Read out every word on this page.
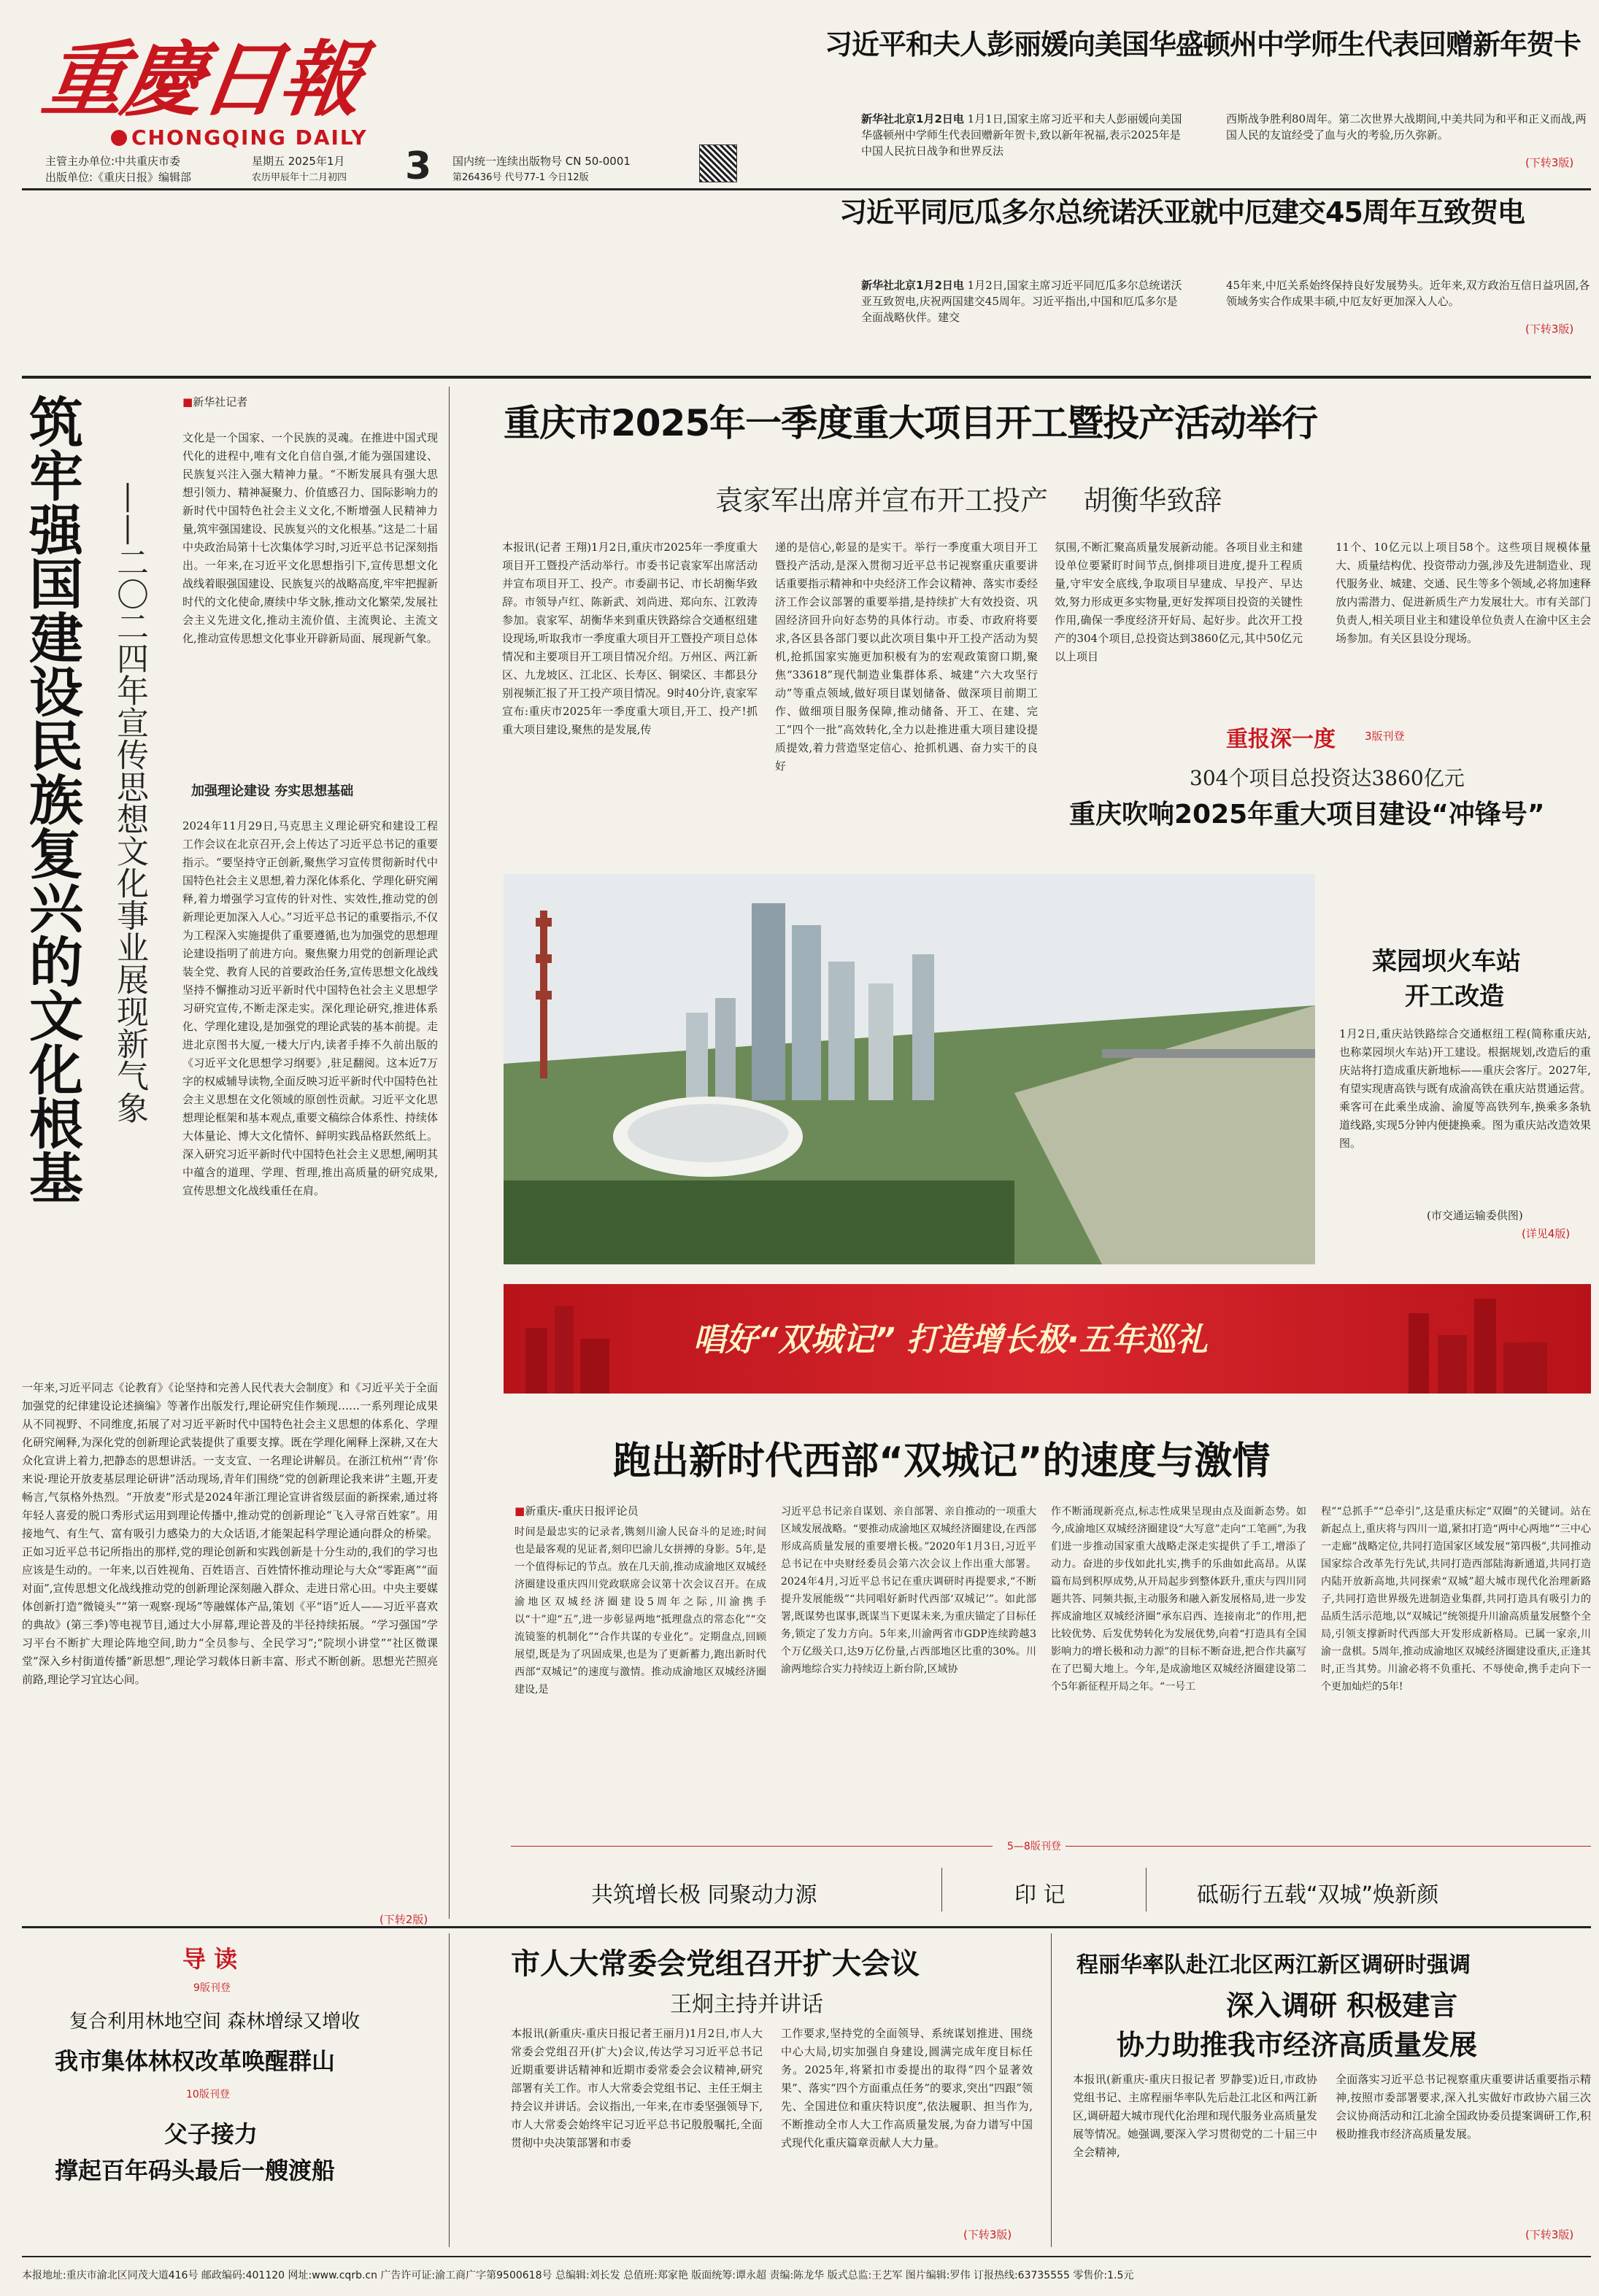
重慶日報
CHONGQING DAILY
主管主办单位:中共重庆市委
出版单位:《重庆日报》编辑部
星期五 2025年1月
农历甲辰年十二月初四 3 国内统一连续出版物号 CN 50-0001
第26436号 代号77-1 今日12版
习近平和夫人彭丽媛向美国华盛顿州中学师生代表回赠新年贺卡
新华社北京1月2日电 1月1日,国家主席习近平和夫人彭丽媛向美国华盛顿州中学师生代表回赠新年贺卡,致以新年祝福,表示2025年是中国人民抗日战争和世界反法
西斯战争胜利80周年。第二次世界大战期间,中美共同为和平和正义而战,两国人民的友谊经受了血与火的考验,历久弥新。
(下转3版)
习近平同厄瓜多尔总统诺沃亚就中厄建交45周年互致贺电
新华社北京1月2日电 1月2日,国家主席习近平同厄瓜多尔总统诺沃亚互致贺电,庆祝两国建交45周年。习近平指出,中国和厄瓜多尔是全面战略伙伴。建交
45年来,中厄关系始终保持良好发展势头。近年来,双方政治互信日益巩固,各领域务实合作成果丰硕,中厄友好更加深入人心。
(下转3版)
■新华社记者
筑牢强国建设民族复兴的文化根基 ——二〇二四年宣传思想文化事业展现新气象
文化是一个国家、一个民族的灵魂。在推进中国式现代化的进程中,唯有文化自信自强,才能为强国建设、民族复兴注入强大精神力量。“不断发展具有强大思想引领力、精神凝聚力、价值感召力、国际影响力的新时代中国特色社会主义文化,不断增强人民精神力量,筑牢强国建设、民族复兴的文化根基。”这是二十届中央政治局第十七次集体学习时,习近平总书记深刻指出。一年来,在习近平文化思想指引下,宣传思想文化战线着眼强国建设、民族复兴的战略高度,牢牢把握新时代的文化使命,赓续中华文脉,推动文化繁荣,发展社会主义先进文化,推动主流价值、主流舆论、主流文化,推动宣传思想文化事业开辟新局面、展现新气象。
加强理论建设 夯实思想基础
2024年11月29日,马克思主义理论研究和建设工程工作会议在北京召开,会上传达了习近平总书记的重要指示。“要坚持守正创新,聚焦学习宣传贯彻新时代中国特色社会主义思想,着力深化体系化、学理化研究阐释,着力增强学习宣传的针对性、实效性,推动党的创新理论更加深入人心。”习近平总书记的重要指示,不仅为工程深入实施提供了重要遵循,也为加强党的思想理论建设指明了前进方向。聚焦聚力用党的创新理论武装全党、教育人民的首要政治任务,宣传思想文化战线坚持不懈推动习近平新时代中国特色社会主义思想学习研究宣传,不断走深走实。深化理论研究,推进体系化、学理化建设,是加强党的理论武装的基本前提。走进北京图书大厦,一楼大厅内,读者手捧不久前出版的《习近平文化思想学习纲要》,驻足翻阅。这本近7万字的权威辅导读物,全面反映习近平新时代中国特色社会主义思想在文化领域的原创性贡献。习近平文化思想理论框架和基本观点,重要文稿综合体系性、持续体大体量论、博大文化情怀、鲜明实践品格跃然纸上。深入研究习近平新时代中国特色社会主义思想,阐明其中蕴含的道理、学理、哲理,推出高质量的研究成果,宣传思想文化战线重任在肩。
一年来,习近平同志《论教育》《论坚持和完善人民代表大会制度》和《习近平关于全面加强党的纪律建设论述摘编》等著作出版发行,理论研究佳作频现……一系列理论成果从不同视野、不同维度,拓展了对习近平新时代中国特色社会主义思想的体系化、学理化研究阐释,为深化党的创新理论武装提供了重要支撑。既在学理化阐释上深耕,又在大众化宣讲上着力,把静态的思想讲活。一支支宣、一名理论讲解员。在浙江杭州“‘青’你来说·理论开放麦基层理论研讲”活动现场,青年们围绕“党的创新理论我来讲”主题,开麦畅言,气氛格外热烈。“开放麦”形式是2024年浙江理论宣讲省级层面的新探索,通过将年轻人喜爱的脱口秀形式运用到理论传播中,推动党的创新理论“飞入寻常百姓家”。用接地气、有生气、富有吸引力感染力的大众话语,才能架起科学理论通向群众的桥梁。正如习近平总书记所指出的那样,党的理论创新和实践创新是十分生动的,我们的学习也应该是生动的。一年来,以百姓视角、百姓语言、百姓情怀推动理论与大众“零距离”“面对面”,宣传思想文化战线推动党的创新理论深刻融入群众、走进日常心田。中央主要媒体创新打造“微镜头”“第一观察·现场”等融媒体产品,策划《平“语”近人——习近平喜欢的典故》(第三季)等电视节目,通过大小屏幕,理论普及的半径持续拓展。“学习强国”学习平台不断扩大理论阵地空间,助力“全员参与、全民学习”;“院坝小讲堂”“社区微课堂”深入乡村街道传播“新思想”,理论学习载体日新丰富、形式不断创新。思想光芒照亮前路,理论学习宜达心间。
(下转2版)
重庆市2025年一季度重大项目开工暨投产活动举行
袁家军出席并宣布开工投产    胡衡华致辞
本报讯(记者 王翔)1月2日,重庆市2025年一季度重大项目开工暨投产活动举行。市委书记袁家军出席活动并宣布项目开工、投产。市委副书记、市长胡衡华致辞。市领导卢红、陈新武、刘尚进、郑向东、江敦涛参加。袁家军、胡衡华来到重庆铁路综合交通枢纽建设现场,听取我市一季度重大项目开工暨投产项目总体情况和主要项目开工项目情况介绍。万州区、两江新区、九龙坡区、江北区、长寿区、铜梁区、丰都县分别视频汇报了开工投产项目情况。9时40分许,袁家军宣布:重庆市2025年一季度重大项目,开工、投产!抓重大项目建设,聚焦的是发展,传
递的是信心,彰显的是实干。举行一季度重大项目开工暨投产活动,是深入贯彻习近平总书记视察重庆重要讲话重要指示精神和中央经济工作会议精神、落实市委经济工作会议部署的重要举措,是持续扩大有效投资、巩固经济回升向好态势的具体行动。市委、市政府将要求,各区县各部门要以此次项目集中开工投产活动为契机,抢抓国家实施更加积极有为的宏观政策窗口期,聚焦“33618”现代制造业集群体系、城建“六大攻坚行动”等重点领域,做好项目谋划储备、做深项目前期工作、做细项目服务保障,推动储备、开工、在建、完工“四个一批”高效转化,全力以赴推进重大项目建设提质提效,着力营造坚定信心、抢抓机遇、奋力实干的良好
氛围,不断汇聚高质量发展新动能。各项目业主和建设单位要紧盯时间节点,倒排项目进度,提升工程质量,守牢安全底线,争取项目早建成、早投产、早达效,努力形成更多实物量,更好发挥项目投资的关键性作用,确保一季度经济开好局、起好步。此次开工投产的304个项目,总投资达到3860亿元,其中50亿元以上项目
11个、10亿元以上项目58个。这些项目规模体量大、质量结构优、投资带动力强,涉及先进制造业、现代服务业、城建、交通、民生等多个领域,必将加速释放内需潜力、促进新质生产力发展壮大。市有关部门负责人,相关项目业主和建设单位负责人在渝中区主会场参加。有关区县设分现场。
重报深一度	3版刊登
304个项目总投资达3860亿元
重庆吹响2025年重大项目建设“冲锋号”
菜园坝火车站
开工改造
1月2日,重庆站铁路综合交通枢纽工程(简称重庆站,也称菜园坝火车站)开工建设。根据规划,改造后的重庆站将打造成重庆新地标——重庆会客厅。2027年,有望实现唐高铁与既有成渝高铁在重庆站贯通运营。乘客可在此乘坐成渝、渝厦等高铁列车,换乘多条轨道线路,实现5分钟内便捷换乘。图为重庆站改造效果图。
(市交通运输委供图)
(详见4版)
唱好“双城记” 打造增长极·五年巡礼
跑出新时代西部“双城记”的速度与激情
■新重庆-重庆日报评论员
时间是最忠实的记录者,镌刻川渝人民奋斗的足迹;时间也是最客观的见证者,刻印巴渝儿女拼搏的身影。5年,是一个值得标记的节点。放在几天前,推动成渝地区双城经济圈建设重庆四川党政联席会议第十次会议召开。在成渝地区双城经济圈建设5周年之际,川渝携手以“十”迎“五”,进一步彰显两地“抵理盘点的常态化”“交流镜鉴的机制化”“合作共谋的专业化”。定期盘点,回顾展望,既是为了巩固成果,也是为了更新蓄力,跑出新时代西部“双城记”的速度与激情。推动成渝地区双城经济圈建设,是
习近平总书记亲自谋划、亲自部署、亲自推动的一项重大区域发展战略。“要推动成渝地区双城经济圈建设,在西部形成高质量发展的重要增长极。”2020年1月3日,习近平总书记在中央财经委员会第六次会议上作出重大部署。2024年4月,习近平总书记在重庆调研时再提要求,“不断提升发展能级”“共同唱好新时代西部‘双城记’”。如此部署,既谋势也谋事,既谋当下更谋未来,为重庆锚定了目标任务,锁定了发力方向。5年来,川渝两省市GDP连续跨越3个万亿级关口,达9万亿份量,占西部地区比重的30%。川渝两地综合实力持续迈上新台阶,区域协
作不断涌现新亮点,标志性成果呈现由点及面新态势。如今,成渝地区双城经济圈建设“大写意”走向“工笔画”,为我们进一步推动国家重大战略走深走实提供了手工,增添了动力。奋进的步伐如此扎实,携手的乐曲如此高昂。从谋篇布局到积厚成势,从开局起步到整体跃升,重庆与四川同题共答、同频共振,主动服务和融入新发展格局,进一步发挥成渝地区双城经济圈“承东启西、连接南北”的作用,把比较优势、后发优势转化为发展优势,向着“打造具有全国影响力的增长极和动力源”的目标不断奋进,把合作共赢写在了巴蜀大地上。今年,是成渝地区双城经济圈建设第二个5年新征程开局之年。“一号工
程”“总抓手”“总牵引”,这是重庆标定“双圈”的关键词。站在新起点上,重庆将与四川一道,紧扣打造“两中心两地”“三中心一走廊”战略定位,共同打造国家区域发展“第四极”,共同推动国家综合改革先行先试,共同打造西部陆海新通道,共同打造内陆开放新高地,共同探索“双城”超大城市现代化治理新路子,共同打造世界级先进制造业集群,共同打造具有吸引力的品质生活示范地,以“双城记”统领提升川渝高质量发展整个全局,引领支撑新时代西部大开发形成新格局。已属一家亲,川渝一盘棋。5周年,推动成渝地区双城经济圈建设重庆,正逢其时,正当其势。川渝必将不负重托、不辱使命,携手走向下一个更加灿烂的5年!
5—8版刊登
共筑增长极 同聚动力源	印 记	砥砺行五载“双城”焕新颜
导 读
9版刊登
复合利用林地空间 森林增绿又增收
我市集体林权改革唤醒群山
10版刊登
父子接力
撑起百年码头最后一艘渡船
市人大常委会党组召开扩大会议
王炯主持并讲话
本报讯(新重庆-重庆日报记者王丽月)1月2日,市人大常委会党组召开(扩大)会议,传达学习习近平总书记近期重要讲话精神和近期市委常委会会议精神,研究部署有关工作。市人大常委会党组书记、主任王炯主持会议并讲话。会议指出,一年来,在市委坚强领导下,市人大常委会始终牢记习近平总书记殷殷嘱托,全面贯彻中央决策部署和市委
工作要求,坚持党的全面领导、系统谋划推进、围绕中心大局,切实加强自身建设,圆满完成年度目标任务。2025年,将紧扣市委提出的取得“四个显著效果”、落实“四个方面重点任务”的要求,突出“四跟”领先、全国进位和重庆特识度”,依法履职、担当作为,不断推动全市人大工作高质量发展,为奋力谱写中国式现代化重庆篇章贡献人大力量。
(下转3版)
程丽华率队赴江北区两江新区调研时强调
深入调研 积极建言
协力助推我市经济高质量发展
本报讯(新重庆-重庆日报记者 罗静雯)近日,市政协党组书记、主席程丽华率队先后赴江北区和两江新区,调研超大城市现代化治理和现代服务业高质量发展等情况。她强调,要深入学习贯彻党的二十届三中全会精神,
全面落实习近平总书记视察重庆重要讲话重要指示精神,按照市委部署要求,深入扎实做好市政协六届三次会议协商活动和江北渝全国政协委员提案调研工作,积极助推我市经济高质量发展。
(下转3版)
本报地址:重庆市渝北区同茂大道416号 邮政编码:401120 网址:www.cqrb.cn 广告许可证:渝工商广字第9500618号 总编辑:刘长发 总值班:郑家艳 版面统筹:谭永超 责编:陈龙华 版式总监:王艺军 图片编辑:罗伟 订报热线:63735555 零售价:1.5元
